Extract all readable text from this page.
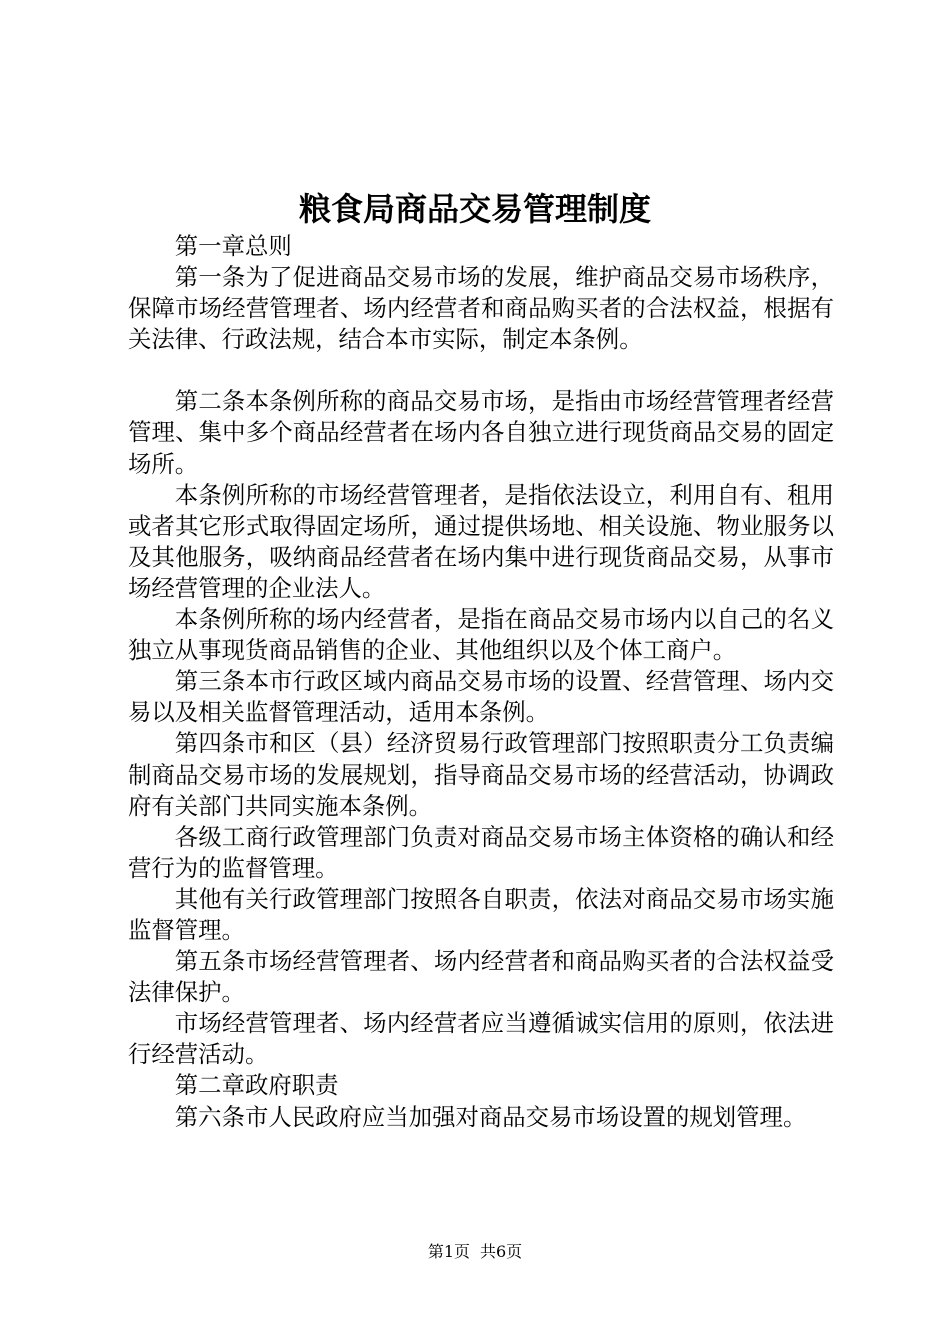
粮食局商品交易管理制度

第一章总则

第一条为了促进商品交易市场的发展，维护商品交易市场秩序，保障市场经营管理者、场内经营者和商品购买者的合法权益，根据有关法律、行政法规，结合本市实际，制定本条例。

第二条本条例所称的商品交易市场，是指由市场经营管理者经营管理、集中多个商品经营者在场内各自独立进行现货商品交易的固定场所。

本条例所称的市场经营管理者，是指依法设立，利用自有、租用或者其它形式取得固定场所，通过提供场地、相关设施、物业服务以及其他服务，吸纳商品经营者在场内集中进行现货商品交易，从事市场经营管理的企业法人。

本条例所称的场内经营者，是指在商品交易市场内以自己的名义独立从事现货商品销售的企业、其他组织以及个体工商户。

第三条本市行政区域内商品交易市场的设置、经营管理、场内交易以及相关监督管理活动，适用本条例。

第四条市和区（县）经济贸易行政管理部门按照职责分工负责编制商品交易市场的发展规划，指导商品交易市场的经营活动，协调政府有关部门共同实施本条例。

各级工商行政管理部门负责对商品交易市场主体资格的确认和经营行为的监督管理。

其他有关行政管理部门按照各自职责，依法对商品交易市场实施监督管理。

第五条市场经营管理者、场内经营者和商品购买者的合法权益受法律保护。

市场经营管理者、场内经营者应当遵循诚实信用的原则，依法进行经营活动。

第二章政府职责

第六条市人民政府应当加强对商品交易市场设置的规划管理。

第1页 共6页
